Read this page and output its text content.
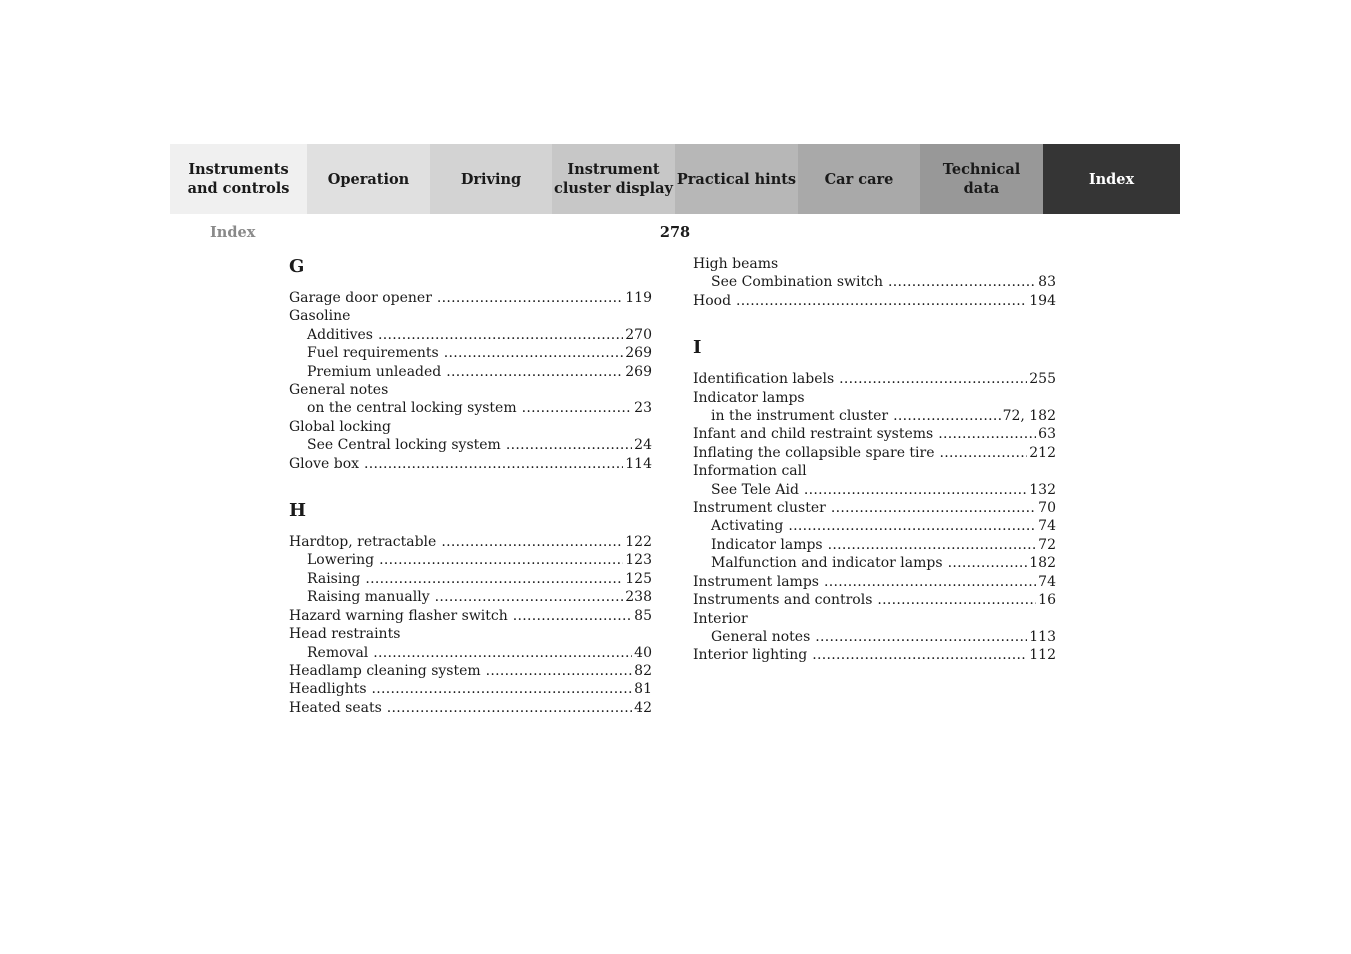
Instruments
and controls
Operation	Driving
Instrument
cluster display
Practical hints	Car care
Technical
data
Index
Index	278
G
Garage door opener .....	119
Gasoline
Additives .....	270
Fuel requirements .....	269
Premium unleaded .....	269
General notes
on the central locking system .....	23
Global locking
See Central locking system .....	24
Glove box .....	114
H
Hardtop, retractable .....	122
Lowering .....	123
Raising .....	125
Raising manually .....	238
Hazard warning flasher switch .....	85
Head restraints
Removal .....	40
Headlamp cleaning system .....	82
Headlights .....	81
Heated seats .....	42
High beams
See Combination switch .....	83
Hood .....	194
I
Identification labels .....	255
Indicator lamps
in the instrument cluster .....	72, 182
Infant and child restraint systems .....	63
Inflating the collapsible spare tire .....	212
Information call
See Tele Aid .....	132
Instrument cluster .....	70
Activating .....	74
Indicator lamps .....	72
Malfunction and indicator lamps .....	182
Instrument lamps .....	74
Instruments and controls .....	16
Interior
General notes .....	113
Interior lighting .....	112
